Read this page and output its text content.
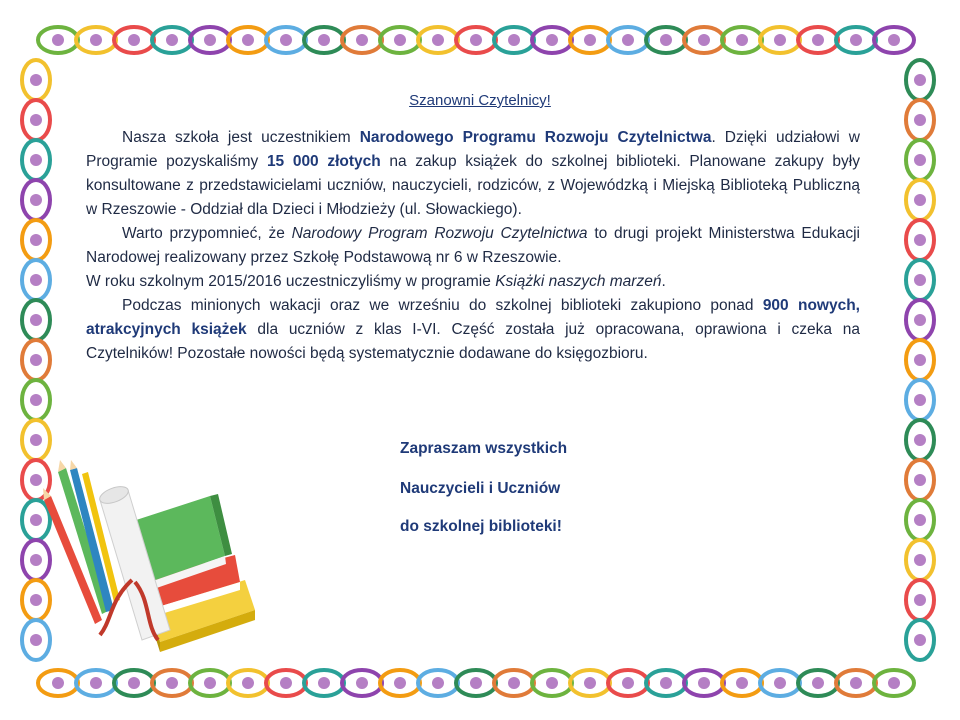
Szanowni Czytelnicy!

Nasza szkoła jest uczestnikiem Narodowego Programu Rozwoju Czytelnictwa. Dzięki udziałowi w Programie pozyskaliśmy 15 000 złotych na zakup książek do szkolnej biblioteki. Planowane zakupy były konsultowane z przedstawicielami uczniów, nauczycieli, rodziców, z Wojewódzką i Miejską Biblioteką Publiczną w Rzeszowie - Oddział dla Dzieci i Młodzieży (ul. Słowackiego).

Warto przypomnieć, że Narodowy Program Rozwoju Czytelnictwa to drugi projekt Ministerstwa Edukacji Narodowej realizowany przez Szkołę Podstawową nr 6 w Rzeszowie.

W roku szkolnym 2015/2016 uczestniczyliśmy w programie Książki naszych marzeń.

Podczas minionych wakacji oraz we wrześniu do szkolnej biblioteki zakupiono ponad 900 nowych, atrakcyjnych książek dla uczniów z klas I-VI. Część została już opracowana, oprawiona i czeka na Czytelników! Pozostałe nowości będą systematycznie dodawane do księgozbioru.

Zapraszam wszystkich
Nauczycieli i Uczniów
do szkolnej biblioteki!
